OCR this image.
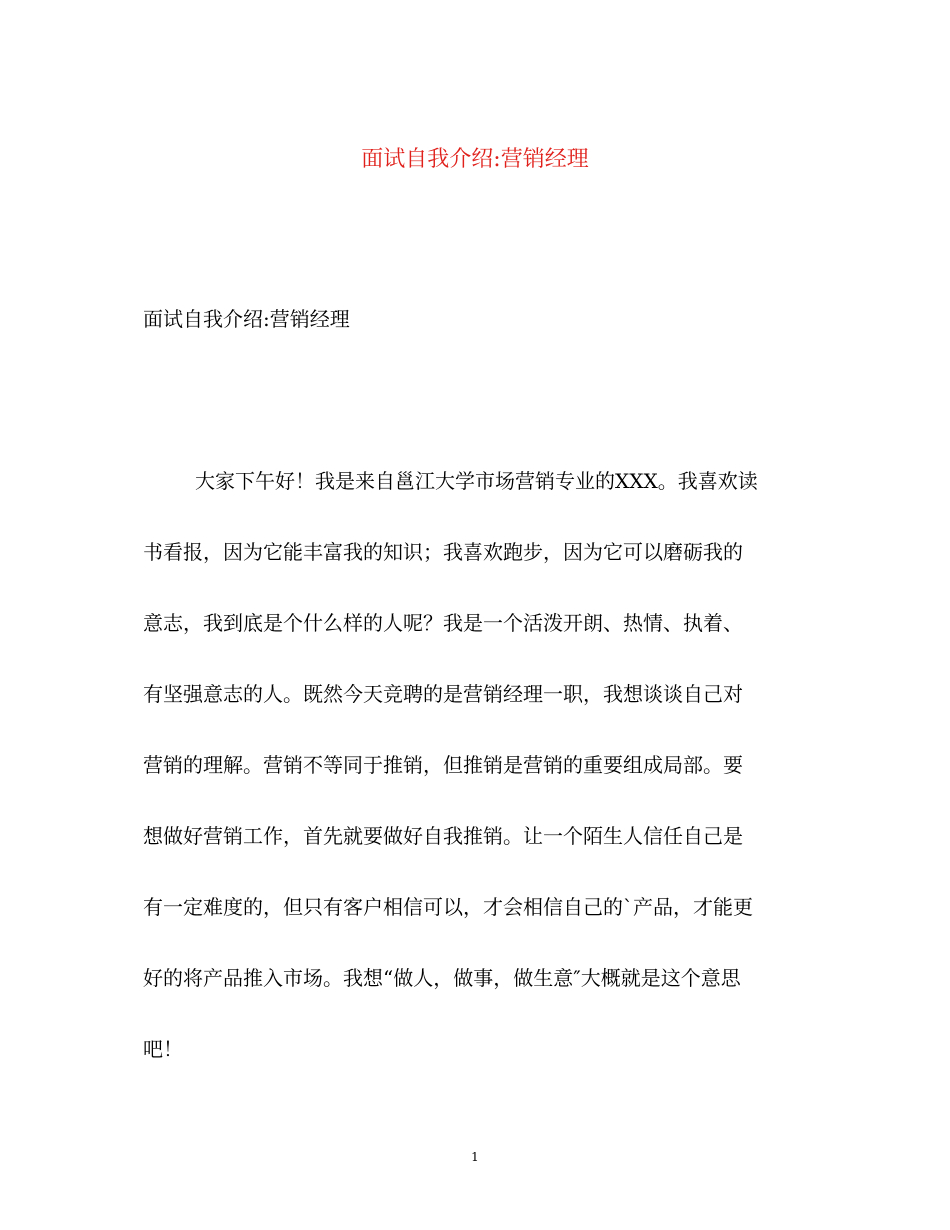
面试自我介绍:营销经理
面试自我介绍:营销经理
大家下午好！我是来自邕江大学市场营销专业的XXX。我喜欢读
书看报，因为它能丰富我的知识；我喜欢跑步，因为它可以磨砺我的
意志，我到底是个什么样的人呢？我是一个活泼开朗、热情、执着、
有坚强意志的人。既然今天竞聘的是营销经理一职，我想谈谈自己对
营销的理解。营销不等同于推销，但推销是营销的重要组成局部。要
想做好营销工作，首先就要做好自我推销。让一个陌生人信任自己是
有一定难度的，但只有客户相信可以，才会相信自己的`产品，才能更
好的将产品推入市场。我想“做人，做事，做生意″大概就是这个意思
吧！
1
